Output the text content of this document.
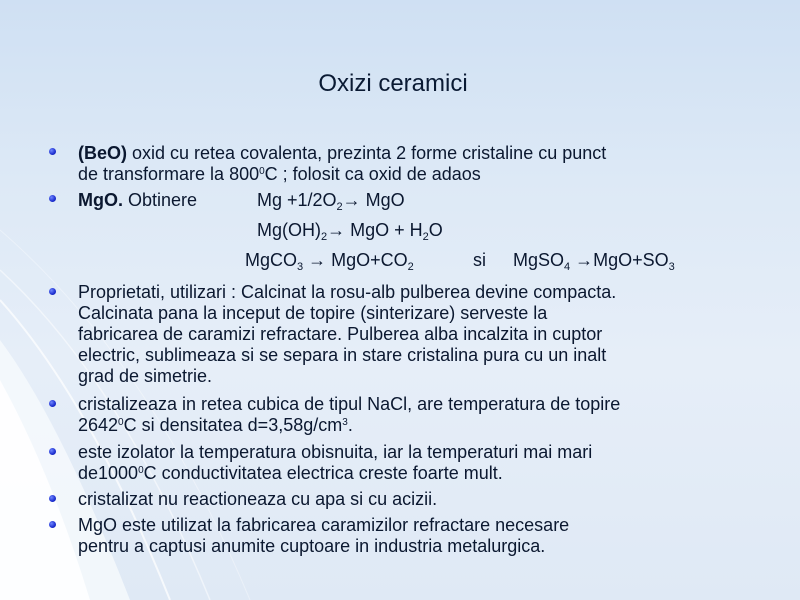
Oxizi ceramici
(BeO) oxid cu retea covalenta, prezinta 2 forme cristaline cu punct
de transformare la $800^0C$ ; folosit ca oxid de adaos
MgO. Obtinere	$Mg +1/2O_2\to$ MgO
$Mg(OH)_2\to$ MgO + $H_2O$
MgCO$_3$ → $MgO+CO_2$	si MgSO$_4$ $\to MgO+SO_3$
Proprietati, utilizari : Calcinat la rosu-alb pulberea devine compacta.
Calcinata pana la inceput de topire (sinterizare) serveste la
fabricarea de caramizi refractare. Pulberea alba incalzita in cuptor
electric, sublimeaza si se separa in stare cristalina pura cu un inalt
grad de simetrie.
cristalizeaza in retea cubica de tipul NaCl, are temperatura de topire
2642$^0$C si densitatea $d=3,58g/cm^3$.
este izolator la temperatura obisnuita, iar la temperaturi mai mari
de1000$^0$C conductivitatea electrica creste foarte mult.
cristalizat nu reactioneaza cu apa si cu acizii.
MgO este utilizat la fabricarea caramizilor refractare necesare
pentru a captusi anumite cuptoare in industria metalurgica.
